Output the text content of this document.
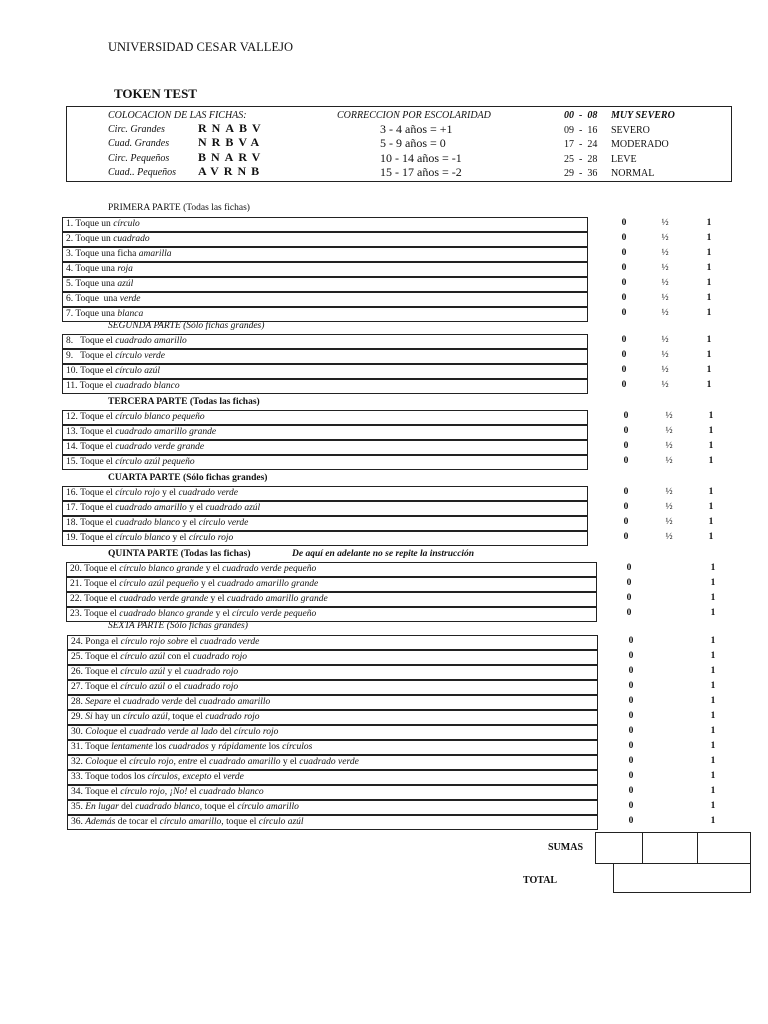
UNIVERSIDAD CESAR VALLEJO
TOKEN TEST
COLOCACION DE LAS FICHAS:
Circ. Grandes	RNABV
Cuad. Grandes NRBVA
Circ. Pequeños BNARV
Cuad.. Pequeños AVRNB
CORRECCION POR ESCOLARIDAD
3 - 4 años = +1
5 - 9 años = 0
10 - 14 años = -1
15 - 17 años = -2
00  -  08 MUY SEVERO
09  -  16 SEVERO
17  -  24 MODERADO
25  -  28 LEVE
29  -  36 NORMAL
PRIMERA PARTE (Todas las fichas)
SEGUNDA PARTE (Sólo fichas grandes)
TERCERA PARTE (Todas las fichas)
CUARTA PARTE (Sólo fichas grandes)
QUINTA PARTE (Todas las fichas)	De aquí en adelante no se repite la instrucción
SEXTA PARTE (Sólo fichas grandes)
1. Toque un círculo	0	½	1
2. Toque un cuadrado	0	½	1
3. Toque una ficha amarilla	0	½	1
4. Toque una roja	0	½	1
5. Toque una azúl	0	½	1
6. Toque  una verde	0	½	1
7. Toque una blanca	0	½	1
8.   Toque el cuadrado amarillo	0	½	1
9.   Toque el círculo verde	0	½	1
10. Toque el círculo azúl	0	½	1
11. Toque el cuadrado blanco	0	½	1
12. Toque el círculo blanco pequeño	0	½	1
13. Toque el cuadrado amarillo grande	0	½	1
14. Toque el cuadrado verde grande	0	½	1
15. Toque el círculo azúl pequeño	0	½	1
16. Toque el círculo rojo y el cuadrado verde	0	½	1
17. Toque el cuadrado amarillo y el cuadrado azúl	0	½	1
18. Toque el cuadrado blanco y el círculo verde	0	½	1
19. Toque el círculo blanco y el círculo rojo	0	½	1
20. Toque el círculo blanco grande y el cuadrado verde pequeño	0	1
21. Toque el círculo azúl pequeño y el cuadrado amarillo grande	0	1
22. Toque el cuadrado verde grande y el cuadrado amarillo grande	0	1
23. Toque el cuadrado blanco grande y el círculo verde pequeño	0	1
24. Ponga el círculo rojo sobre el cuadrado verde	0	1
25. Toque el círculo azúl con el cuadrado rojo	0	1
26. Toque el círculo azúl y el cuadrado rojo	0	1
27. Toque el círculo azúl o el cuadrado rojo	0	1
28. Separe el cuadrado verde del cuadrado amarillo	0	1
29. Si hay un círculo azúl, toque el cuadrado rojo	0	1
30. Coloque el cuadrado verde al lado del círculo rojo	0	1
31. Toque lentamente los cuadrados y rápidamente los círculos	0	1
32. Coloque el círculo rojo, entre el cuadrado amarillo y el cuadrado verde	0	1
33. Toque todos los círculos, excepto el verde	0	1
34. Toque el círculo rojo, ¡No! el cuadrado blanco	0	1
35. En lugar del cuadrado blanco, toque el círculo amarillo	0	1
36. Además de tocar el círculo amarillo, toque el círculo azúl	0	1
SUMAS
TOTAL
